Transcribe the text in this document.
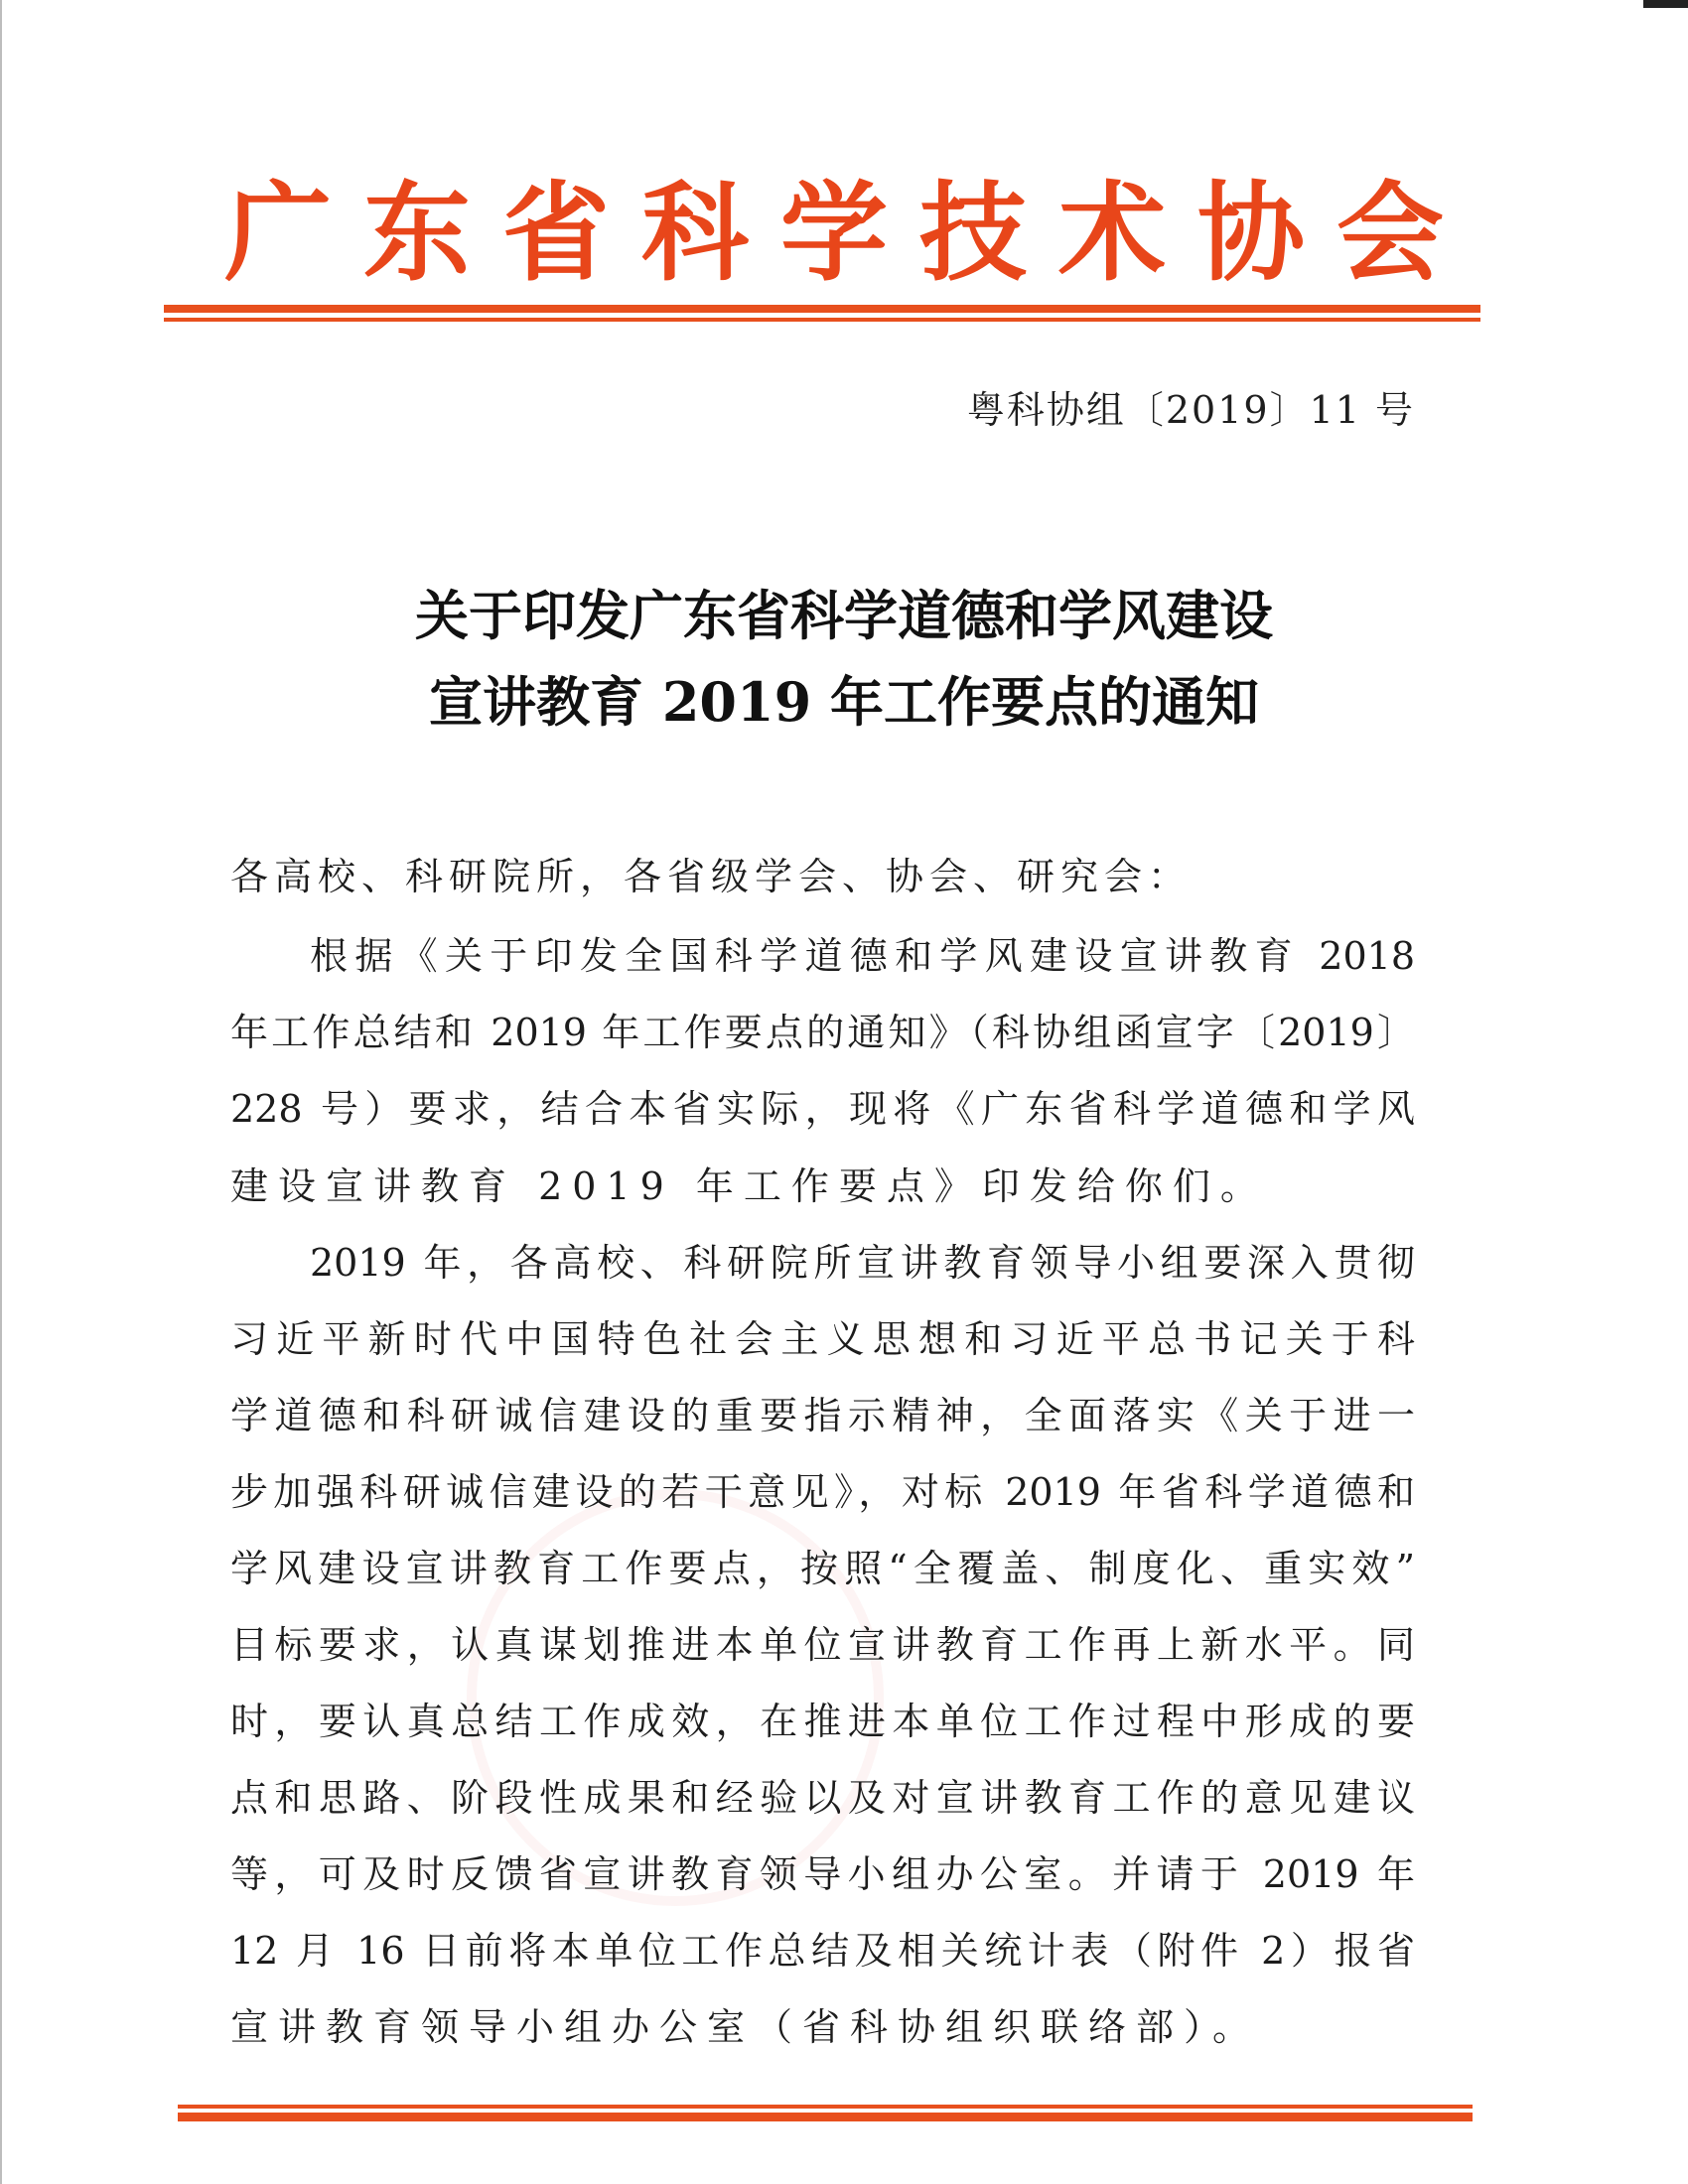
广 东 省 科 学 技 术 协 会
粤科协组〔2019〕11 号
关于印发广东省科学道德和学风建设
宣讲教育 2019 年工作要点的通知
各高校、科研院所，各省级学会、协会、研究会：
根据《关于印发全国科学道德和学风建设宣讲教育 2018
年工作总结和 2019 年工作要点的通知》（科协组函宣字〔2019〕
228 号）要求，结合本省实际，现将《广东省科学道德和学风
建设宣讲教育 2019 年工作要点》印发给你们。
2019 年，各高校、科研院所宣讲教育领导小组要深入贯彻
习近平新时代中国特色社会主义思想和习近平总书记关于科
学道德和科研诚信建设的重要指示精神，全面落实《关于进一
步加强科研诚信建设的若干意见》，对标 2019 年省科学道德和
学风建设宣讲教育工作要点，按照“全覆盖、制度化、重实效”
目标要求，认真谋划推进本单位宣讲教育工作再上新水平。同
时，要认真总结工作成效，在推进本单位工作过程中形成的要
点和思路、阶段性成果和经验以及对宣讲教育工作的意见建议
等，可及时反馈省宣讲教育领导小组办公室。并请于 2019 年
12 月 16 日前将本单位工作总结及相关统计表（附件 2）报省
宣讲教育领导小组办公室（省科协组织联络部）。
